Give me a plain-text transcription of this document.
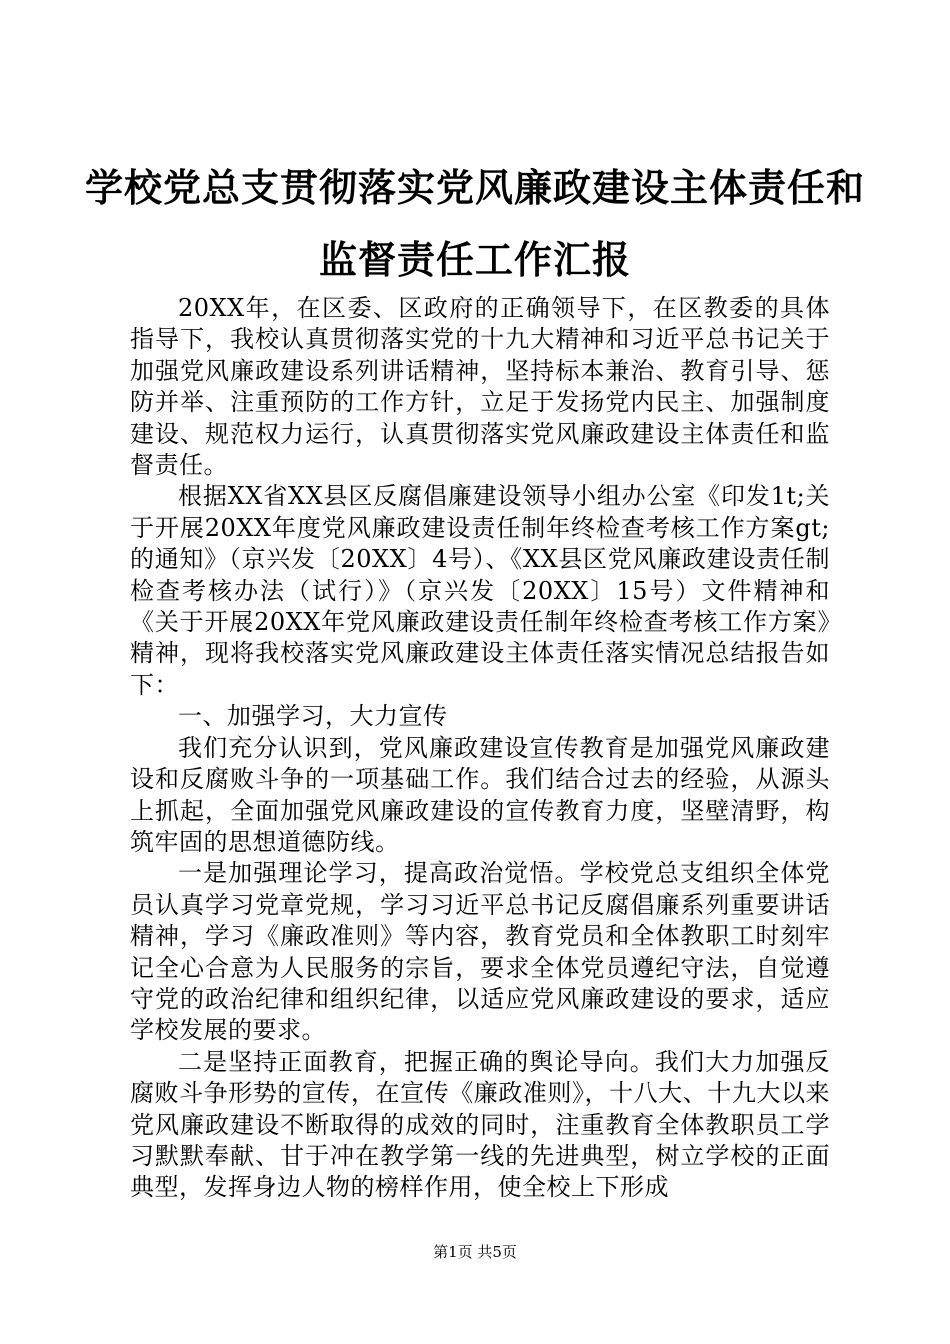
学校党总支贯彻落实党风廉政建设主体责任和
监督责任工作汇报

20XX年，在区委、区政府的正确领导下，在区教委的具体指导下，我校认真贯彻落实党的十九大精神和习近平总书记关于加强党风廉政建设系列讲话精神，坚持标本兼治、教育引导、惩防并举、注重预防的工作方针，立足于发扬党内民主、加强制度建设、规范权力运行，认真贯彻落实党风廉政建设主体责任和监督责任。

根据XX省XX县区反腐倡廉建设领导小组办公室《印发1t;关于开展20XX年度党风廉政建设责任制年终检查考核工作方案gt;的通知》（京兴发〔20XX〕4号）、《XX县区党风廉政建设责任制检查考核办法（试行）》（京兴发〔20XX〕15号）文件精神和《关于开展20XX年党风廉政建设责任制年终检查考核工作方案》精神，现将我校落实党风廉政建设主体责任落实情况总结报告如下：

一、加强学习，大力宣传

我们充分认识到，党风廉政建设宣传教育是加强党风廉政建设和反腐败斗争的一项基础工作。我们结合过去的经验，从源头上抓起，全面加强党风廉政建设的宣传教育力度，坚壁清野，构筑牢固的思想道德防线。

一是加强理论学习，提高政治觉悟。学校党总支组织全体党员认真学习党章党规，学习习近平总书记反腐倡廉系列重要讲话精神，学习《廉政准则》等内容，教育党员和全体教职工时刻牢记全心合意为人民服务的宗旨，要求全体党员遵纪守法，自觉遵守党的政治纪律和组织纪律，以适应党风廉政建设的要求，适应学校发展的要求。

二是坚持正面教育，把握正确的舆论导向。我们大力加强反腐败斗争形势的宣传，在宣传《廉政准则》，十八大、十九大以来党风廉政建设不断取得的成效的同时，注重教育全体教职员工学习默默奉献、甘于冲在教学第一线的先进典型，树立学校的正面典型，发挥身边人物的榜样作用，使全校上下形成

第1页 共5页
